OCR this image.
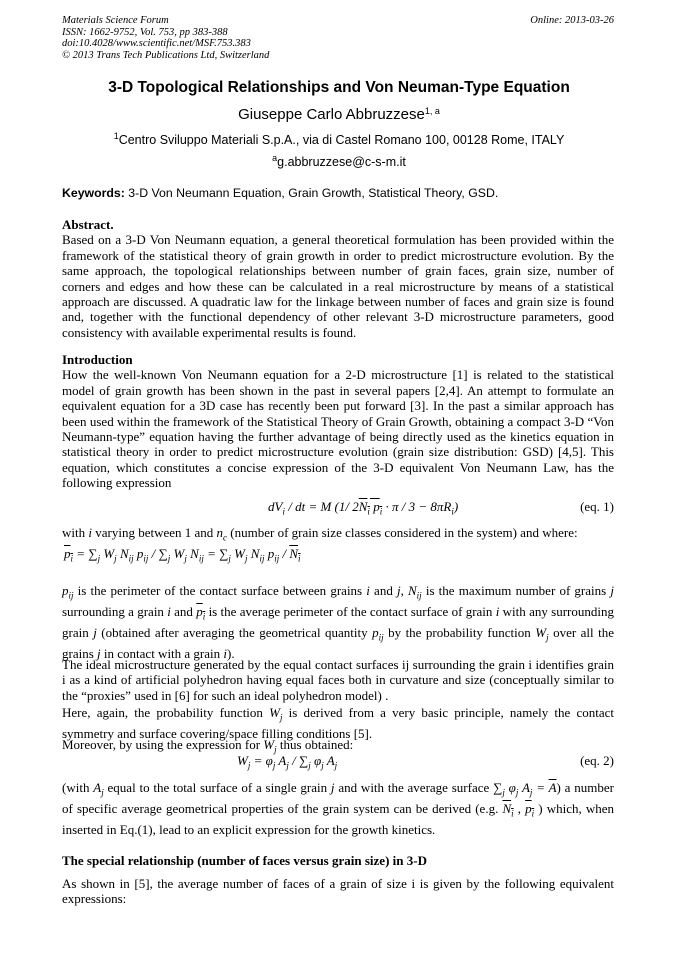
Materials Science Forum
ISSN: 1662-9752, Vol. 753, pp 383-388
doi:10.4028/www.scientific.net/MSF.753.383
© 2013 Trans Tech Publications Ltd, Switzerland
Online: 2013-03-26
3-D Topological Relationships and Von Neuman-Type Equation
Giuseppe Carlo Abbruzzese$^{1, a}$
$^1$Centro Sviluppo Materiali S.p.A., via di Castel Romano 100, 00128 Rome, ITALY
$^a$g.abbruzzese@c-s-m.it
Keywords: 3-D Von Neumann Equation, Grain Growth, Statistical Theory, GSD.

Abstract.

Based on a 3-D Von Neumann equation, a general theoretical formulation has been provided within the framework of the statistical theory of grain growth in order to predict microstructure evolution. By the same approach, the topological relationships between number of grain faces, grain size, number of corners and edges and how these can be calculated in a real microstructure by means of a statistical approach are discussed. A quadratic law for the linkage between number of faces and grain size is found and, together with the functional dependency of other relevant 3-D microstructure parameters, good consistency with available experimental results is found.

Introduction

How the well-known Von Neumann equation for a 2-D microstructure [1] is related to the statistical model of grain growth has been shown in the past in several papers [2,4]. An attempt to formulate an equivalent equation for a 3D case has recently been put forward [3]. In the past a similar approach has been used within the framework of the Statistical Theory of Grain Growth, obtaining a compact 3-D “Von Neumann-type” equation having the further advantage of being directly used as the kinetics equation in statistical theory in order to predict microstructure evolution (grain size distribution: GSD) [4,5]. This equation, which constitutes a concise expression of the 3-D equivalent Von Neumann Law, has the following expression

$dV_i$ / dt = M (1/ $2N_i$ $p_i \cdot \pi / 3 - 8\pi R_i$)	(eq. 1)

with i varying between 1 and $n_c$ (number of grain size classes considered in the system) and where:

$p_i = \sum_j$ $W_j$ $N_{ij}$ $p_{ij} / \sum_j$ $W_j$ $N_{ij} = \sum_j$ $W_j$ $N_{ij}$ $p_{ij} / N_i$

$p_{ij}$ is the perimeter of the contact surface between grains i and j, $N_{ij}$ is the maximum number of grains j surrounding a grain i and $p_i$ is the average perimeter of the contact surface of grain i with any surrounding grain j (obtained after averaging the geometrical quantity $p_{ij}$ by the probability function $W_j$ over all the grains j in contact with a grain i).

The ideal microstructure generated by the equal contact surfaces ij surrounding the grain i identifies grain i as a kind of artificial polyhedron having equal faces both in curvature and size (conceptually similar to the “proxies” used in [6] for such an ideal polyhedron model) .

Here, again, the probability function $W_j$ is derived from a very basic principle, namely the contact symmetry and surface covering/space filling conditions [5].

Moreover, by using the expression for $W_j$ thus obtained:

$W_j = \varphi_j$ $A_j / \sum_j$ $\varphi_j$ $A_j$	(eq. 2)

(with $A_j$ equal to the total surface of a single grain j and with the average surface $\sum_j$ $\varphi_j$ $A_j = \overline{A}$) a number of specific average geometrical properties of the grain system can be derived (e.g. $N_i$ , $p_i$ ) which, when inserted in Eq.(1), lead to an explicit expression for the growth kinetics.

The special relationship (number of faces versus grain size) in 3-D

As shown in [5], the average number of faces of a grain of size i is given by the following equivalent expressions:
